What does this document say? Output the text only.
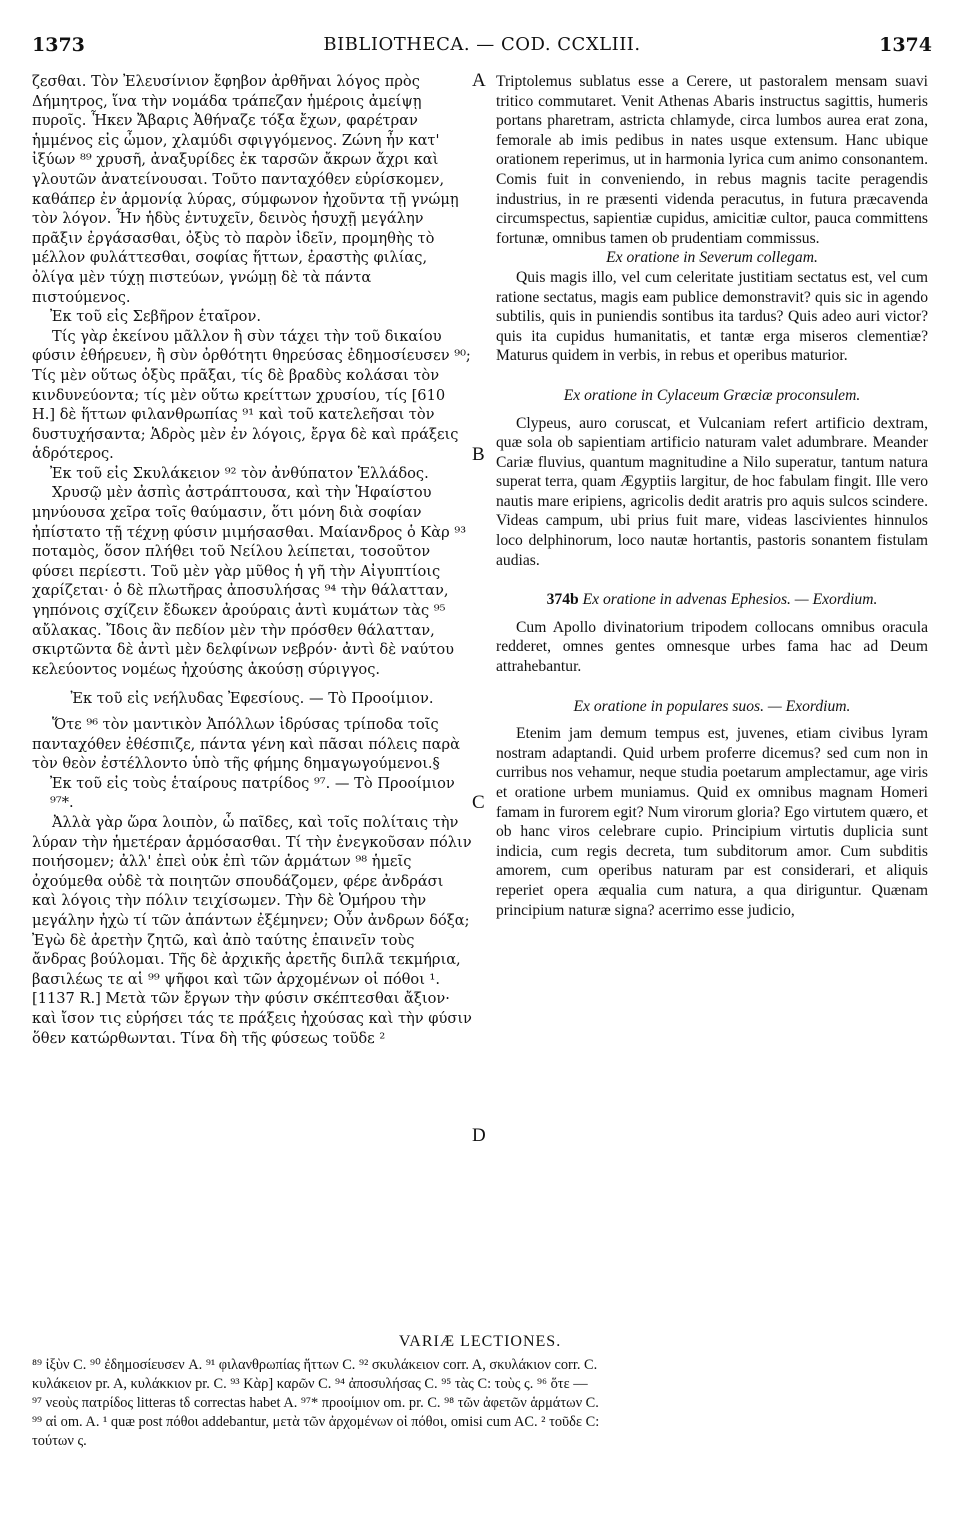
1373	BIBLIOTHECA. — COD. CCXLIII.	1374

ζεσθαι. Τὸν Ἐλευσίνιον ἔφηβον ἀρθῆναι λόγος πρὸς Δήμητρος, ἵνα τὴν νομάδα τράπεζαν ἡμέροις ἀμείψῃ πυροῖς. Ἧκεν Ἄβαρις Ἀθήναζε τόξα ἔχων, φαρέτραν ἡμμένος εἰς ὦμον, χλαμύδι σφιγγόμενος. Ζώνη ἦν κατ' ἰξύων ⁸⁹ χρυσῆ, ἀναξυρίδες ἐκ ταρσῶν ἄκρων ἄχρι καὶ γλουτῶν ἀνατείνουσαι. Τοῦτο πανταχόθεν εὑρίσκομεν, καθάπερ ἐν ἁρμονίᾳ λύρας, σύμφωνον ἠχοῦντα τῇ γνώμῃ τὸν λόγον. Ἦν ἡδὺς ἐντυχεῖν, δεινὸς ἡσυχῇ μεγάλην πρᾶξιν ἐργάσασθαι, ὀξὺς τὸ παρὸν ἰδεῖν, προμηθὴς τὸ μέλλον φυλάττεσθαι, σοφίας ἥττων, ἐραστὴς φιλίας, ὀλίγα μὲν τύχῃ πιστεύων, γνώμῃ δὲ τὰ πάντα πιστούμενος.

Ἐκ τοῦ εἰς Σεβῆρον ἑταῖρον.

Τίς γὰρ ἐκείνου μᾶλλον ἢ σὺν τάχει τὴν τοῦ δικαίου φύσιν ἐθήρευεν, ἢ σὺν ὀρθότητι θηρεύσας ἐδημοσίευσεν ⁹⁰; Τίς μὲν οὕτως ὀξὺς πρᾶξαι, τίς δὲ βραδὺς κολάσαι τὸν κινδυνεύοντα; τίς μὲν οὕτω κρείττων χρυσίου, τίς [610 H.] δὲ ἥττων φιλανθρωπίας ⁹¹ καὶ τοῦ κατελεῆσαι τὸν δυστυχήσαντα; Ἁδρὸς μὲν ἐν λόγοις, ἔργα δὲ καὶ πράξεις ἁδρότερος.

Ἐκ τοῦ εἰς Σκυλάκειον ⁹² τὸν ἀνθύπατον Ἑλλάδος.

Χρυσῷ μὲν ἀσπὶς ἀστράπτουσα, καὶ τὴν Ἡφαίστου μηνύουσα χεῖρα τοῖς θαύμασιν, ὅτι μόνη διὰ σοφίαν ἠπίστατο τῇ τέχνῃ φύσιν μιμήσασθαι. Μαίανδρος ὁ Κὰρ ⁹³ ποταμὸς, ὅσον πλήθει τοῦ Νείλου λείπεται, τοσοῦτον φύσει περίεστι. Τοῦ μὲν γὰρ μῦθος ἡ γῆ τὴν Αἰγυπτίοις χαρίζεται· ὁ δὲ πλωτῆρας ἀποσυλήσας ⁹⁴ τὴν θάλατταν, γηπόνοις σχίζειν ἔδωκεν ἀρούραις ἀντὶ κυμάτων τὰς ⁹⁵ αὔλακας. Ἴδοις ἂν πεδίον μὲν τὴν πρόσθεν θάλατταν, σκιρτῶντα δὲ ἀντὶ μὲν δελφίνων νεβρόν· ἀντὶ δὲ ναύτου κελεύοντος νομέως ἠχούσης ἀκούσῃ σύριγγος.

Ἐκ τοῦ εἰς νεήλυδας Ἐφεσίους. — Τὸ Προοίμιον.

Ὅτε ⁹⁶ τὸν μαντικὸν Ἀπόλλων ἱδρύσας τρίποδα τοῖς πανταχόθεν ἐθέσπιζε, πάντα γένη καὶ πᾶσαι πόλεις παρὰ τὸν θεὸν ἐστέλλοντο ὑπὸ τῆς φήμης δημαγωγούμενοι.§

Ἐκ τοῦ εἰς τοὺς ἑταίρους πατρίδος ⁹⁷. — Τὸ Προοίμιον ⁹⁷*.

Ἀλλὰ γὰρ ὥρα λοιπὸν, ὦ παῖδες, καὶ τοῖς πολίταις τὴν λύραν τὴν ἡμετέραν ἁρμόσασθαι. Τί τὴν ἐνεγκοῦσαν πόλιν ποιήσομεν; ἀλλ' ἐπεὶ οὐκ ἐπὶ τῶν ἁρμάτων ⁹⁸ ἡμεῖς ὀχούμεθα οὐδὲ τὰ ποιητῶν σπουδάζομεν, φέρε ἀνδράσι καὶ λόγοις τὴν πόλιν τειχίσωμεν. Τὴν δὲ Ὁμήρου τὴν μεγάλην ἠχὼ τί τῶν ἀπάντων ἐξέμηνεν; Οὖν ἀνδρων δόξα; Ἐγὼ δὲ ἀρετὴν ζητῶ, καὶ ἀπὸ ταύτης ἐπαινεῖν τοὺς ἄνδρας βούλομαι. Τῆς δὲ ἀρχικῆς ἀρετῆς διπλᾶ τεκμήρια, βασιλέως τε αἱ ⁹⁹ ψῆφοι καὶ τῶν ἀρχομένων οἱ πόθοι ¹. [1137 R.] Μετὰ τῶν ἔργων τὴν φύσιν σκέπτεσθαι ἄξιον· καὶ ἴσον τις εὑρήσει τάς τε πράξεις ἠχούσας καὶ τὴν φύσιν ὅθεν κατώρθωνται. Τίνα δὴ τῆς φύσεως τοῦδε ²

A
B
C
D

Triptolemus sublatus esse a Cerere, ut pastoralem mensam suavi tritico commutaret. Venit Athenas Abaris instructus sagittis, humeris portans pharetram, astricta chlamyde, circa lumbos aurea erat zona, femorale ab imis pedibus in nates usque extensum. Hanc ubique orationem reperimus, ut in harmonia lyrica cum animo consonantem. Comis fuit in conveniendo, in rebus magnis tacite peragendis industrius, in re præsenti videnda peracutus, in futura præcavenda circumspectus, sapientiæ cupidus, amicitiæ cultor, pauca committens fortunæ, omnibus tamen ob prudentiam commissus.

Ex oratione in Severum collegam.

Quis magis illo, vel cum celeritate justitiam sectatus est, vel cum ratione sectatus, magis eam publice demonstravit? quis sic in agendo subtilis, quis in puniendis sontibus ita tardus? Quis adeo auri victor? quis ita cupidus humanitatis, et tantæ erga miseros clementiæ? Maturus quidem in verbis, in rebus et operibus maturior.

Ex oratione in Cylaceum Græciæ proconsulem.

Clypeus, auro coruscat, et Vulcaniam refert artificio dextram, quæ sola ob sapientiam artificio naturam valet adumbrare. Meander Cariæ fluvius, quantum magnitudine a Nilo superatur, tantum natura superat terra, quam Ægyptiis largitur, de hoc fabulam fingit. Ille vero nautis mare eripiens, agricolis dedit aratris pro aquis sulcos scindere. Videas campum, ubi prius fuit mare, videas lascivientes hinnulos loco delphinorum, loco nautæ hortantis, pastoris sonantem fistulam audias.

374b Ex oratione in advenas Ephesios. — Exordium.

Cum Apollo divinatorium tripodem collocans omnibus oracula redderet, omnes gentes omnesque urbes fama hac ad Deum attrahebantur.

Ex oratione in populares suos. — Exordium.

Etenim jam demum tempus est, juvenes, etiam civibus lyram nostram adaptandi. Quid urbem proferre dicemus? sed cum non in curribus nos vehamur, neque studia poetarum amplectamur, age viris et oratione urbem muniamus. Quid ex omnibus magnam Homeri famam in furorem egit? Num virorum gloria? Ego virtutem quæro, et ob hanc viros celebrare cupio. Principium virtutis duplicia sunt indicia, cum regis decreta, tum subditorum amor. Cum subditis amorem, cum operibus naturam par est considerari, et aliquis reperiet opera æqualia cum natura, a qua diriguntur. Quænam principium naturæ signa? acerrimo esse judicio,

VARIÆ LECTIONES.

⁸⁹ ἰξὺν C. ⁹⁰ ἐδημοσίευσεν A. ⁹¹ φιλανθρωπίας ἥττων C. ⁹² σκυλάκειον corr. A, σκυλάκιον corr. C.

κυλάκειον pr. A, κυλάκκιον pr. C. ⁹³ Κὰρ] καρῶν C. ⁹⁴ ἀποσυλήσας C. ⁹⁵ τὰς C: τοὺς ς. ⁹⁶ ὅτε —

⁹⁷ νεοὺς πατρίδος litteras tδ correctas habet A. ⁹⁷* προοίμιον om. pr. C. ⁹⁸ τῶν ἀφετῶν ἁρμάτων C.

⁹⁹ αἱ om. A. ¹ quæ post πόθοι addebantur, μετὰ τῶν ἀρχομένων οἱ πόθοι, omisi cum AC. ² τοῦδε C:

τούτων ς.
